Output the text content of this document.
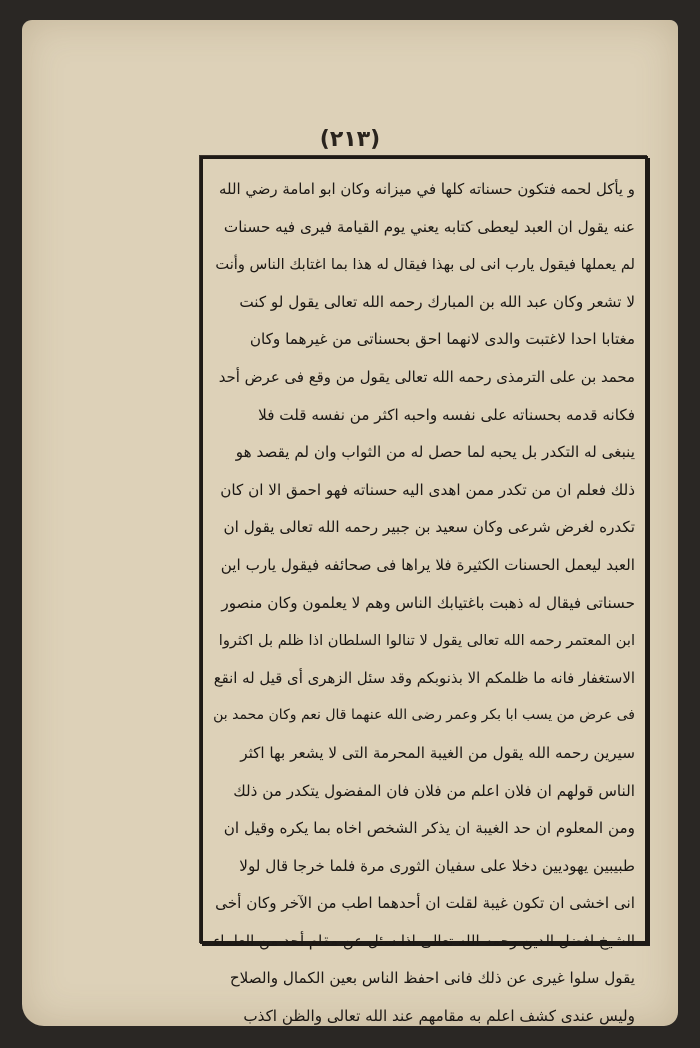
(٢١٣)
و يأكل لحمه فتكون حسناته كلها في ميزانه وكان ابو امامة رضي الله
عنه يقول ان العبد ليعطى كتابه يعني يوم القيامة فيرى فيه حسنات
لم يعملها فيقول يارب انى لى بهذا فيقال له هذا بما اغتابك الناس وأنت
لا تشعر وكان عبد الله بن المبارك رحمه الله تعالى يقول لو كنت
مغتابا احدا لاغتبت والدى لانهما احق بحسناتى من غيرهما وكان
محمد بن على الترمذى رحمه الله تعالى يقول من وقع فى عرض أحد
فكانه قدمه بحسناته على نفسه واحبه اكثر من نفسه قلت فلا
ينبغى له التكدر بل يحبه لما حصل له من الثواب وان لم يقصد هو
ذلك فعلم ان من تكدر ممن اهدى اليه حسناته فهو احمق الا ان كان
تكدره لغرض شرعى وكان سعيد بن جبير رحمه الله تعالى يقول ان
العبد ليعمل الحسنات الكثيرة فلا يراها فى صحائفه فيقول يارب اين
حسناتى فيقال له ذهبت باغتيابك الناس وهم لا يعلمون وكان منصور
ابن المعتمر رحمه الله تعالى يقول لا تنالوا السلطان اذا ظلم بل اكثروا
الاستغفار فانه ما ظلمكم الا بذنوبكم وقد سئل الزهرى أى قيل له انقع
فى عرض من يسب ابا بكر وعمر رضى الله عنهما قال نعم وكان محمد بن
سيرين رحمه الله يقول من الغيبة المحرمة التى لا يشعر بها اكثر
الناس قولهم ان فلان اعلم من فلان فان المفضول يتكدر من ذلك
ومن المعلوم ان حد الغيبة ان يذكر الشخص اخاه بما يكره وقيل ان
طبيبين يهوديين دخلا على سفيان الثورى مرة فلما خرجا قال لولا
انى اخشى ان تكون غيبة لقلت ان أحدهما اطب من الآخر وكان أخى
الشيخ افضل الدين رحمه الله تعالى اذا سئل عن مقام أحد من العلماء
يقول سلوا غيرى عن ذلك فانى احفظ الناس بعين الكمال والصلاح
وليس عندى كشف اعلم به مقامهم عند الله تعالى والظن اكذب
